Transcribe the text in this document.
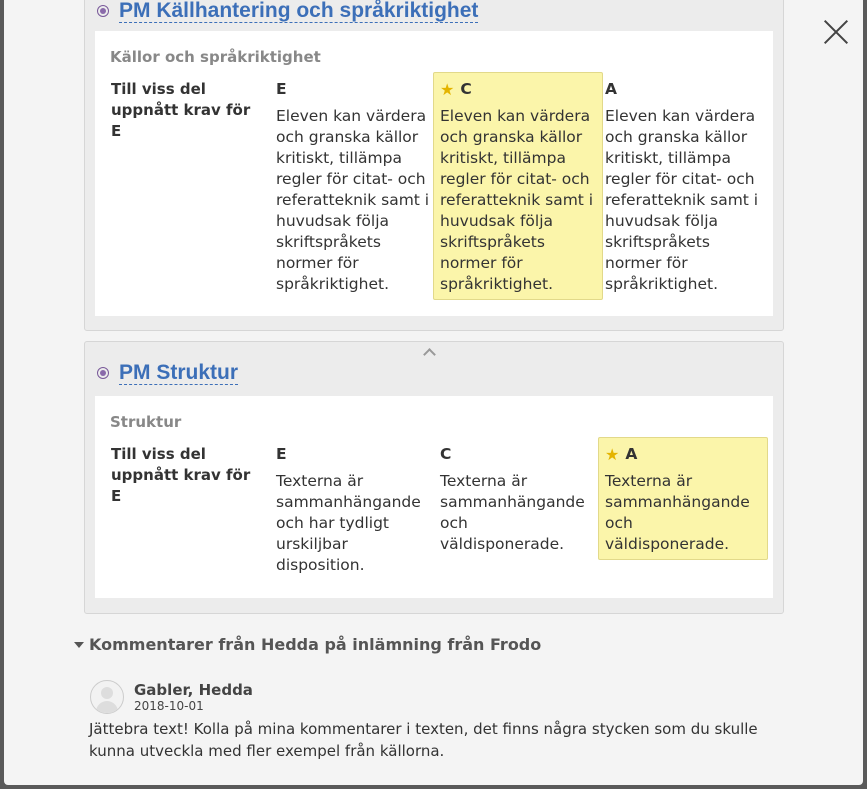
PM Källhantering och språkriktighet
Källor och språkriktighet
Till viss del uppnått krav för E
E
Eleven kan värdera och granska källor kritiskt, tillämpa regler för citat- och referatteknik samt i huvudsak följa skriftspråkets normer för språkriktighet.
★ C
Eleven kan värdera och granska källor kritiskt, tillämpa regler för citat- och referatteknik samt i huvudsak följa skriftspråkets normer för språkriktighet.
A
Eleven kan värdera och granska källor kritiskt, tillämpa regler för citat- och referatteknik samt i huvudsak följa skriftspråkets normer för språkriktighet.
PM Struktur
Struktur
Till viss del uppnått krav för E
E
Texterna är sammanhängande och har tydligt urskiljbar disposition.
C
Texterna är sammanhängande och väldisponerade.
★ A
Texterna är sammanhängande och väldisponerade.
Kommentarer från Hedda på inlämning från Frodo
Gabler, Hedda
2018-10-01
Jättebra text! Kolla på mina kommentarer i texten, det finns några stycken som du skulle kunna utveckla med fler exempel från källorna.
